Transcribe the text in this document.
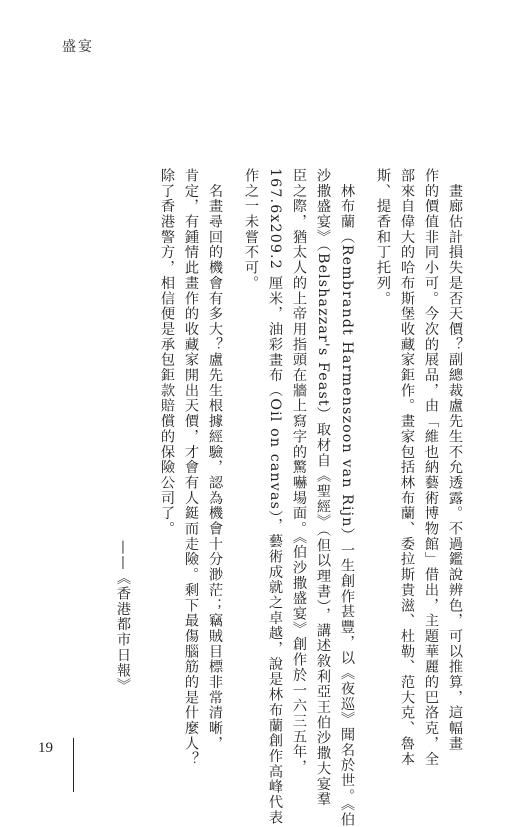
盛宴
　畫廊估計損失是否天價？副總裁盧先生不允透露。不過鑑說辨色，可以推算，這幅畫
作的價值非同小可。今次的展品，由「維也納藝術博物館」借出，主題華麗的巴洛克，全
部來自偉大的哈布斯堡收藏家鉅作。畫家包括林布蘭、委拉斯貴滋、杜勒、范大克、魯本
斯、提香和丁托列。
　林布蘭（Rembrandt Harmenszoon van Rijn）一生創作甚豐，以《夜巡》聞名於世。《伯
沙撒盛宴》（Belshazzar's Feast）取材自《聖經》（但以理書），講述敘利亞王伯沙撒大宴羣
臣之際，猶太人的上帝用指頭在牆上寫字的驚嚇場面。《伯沙撒盛宴》創作於一六三五年，
167.6x209.2 厘米，油彩畫布（Oil on canvas），藝術成就之卓越，說是林布蘭創作高峰代表
作之一未嘗不可。
　名畫尋回的機會有多大？盧先生根據經驗，認為機會十分渺茫；竊賊目標非常清晰，
肯定，有鍾情此畫作的收藏家開出天價，才會有人鋌而走險。剩下最傷腦筋的是什麼人？
除了香港警方，相信便是承包鉅款賠償的保險公司了。
——《香港都市日報》
19
